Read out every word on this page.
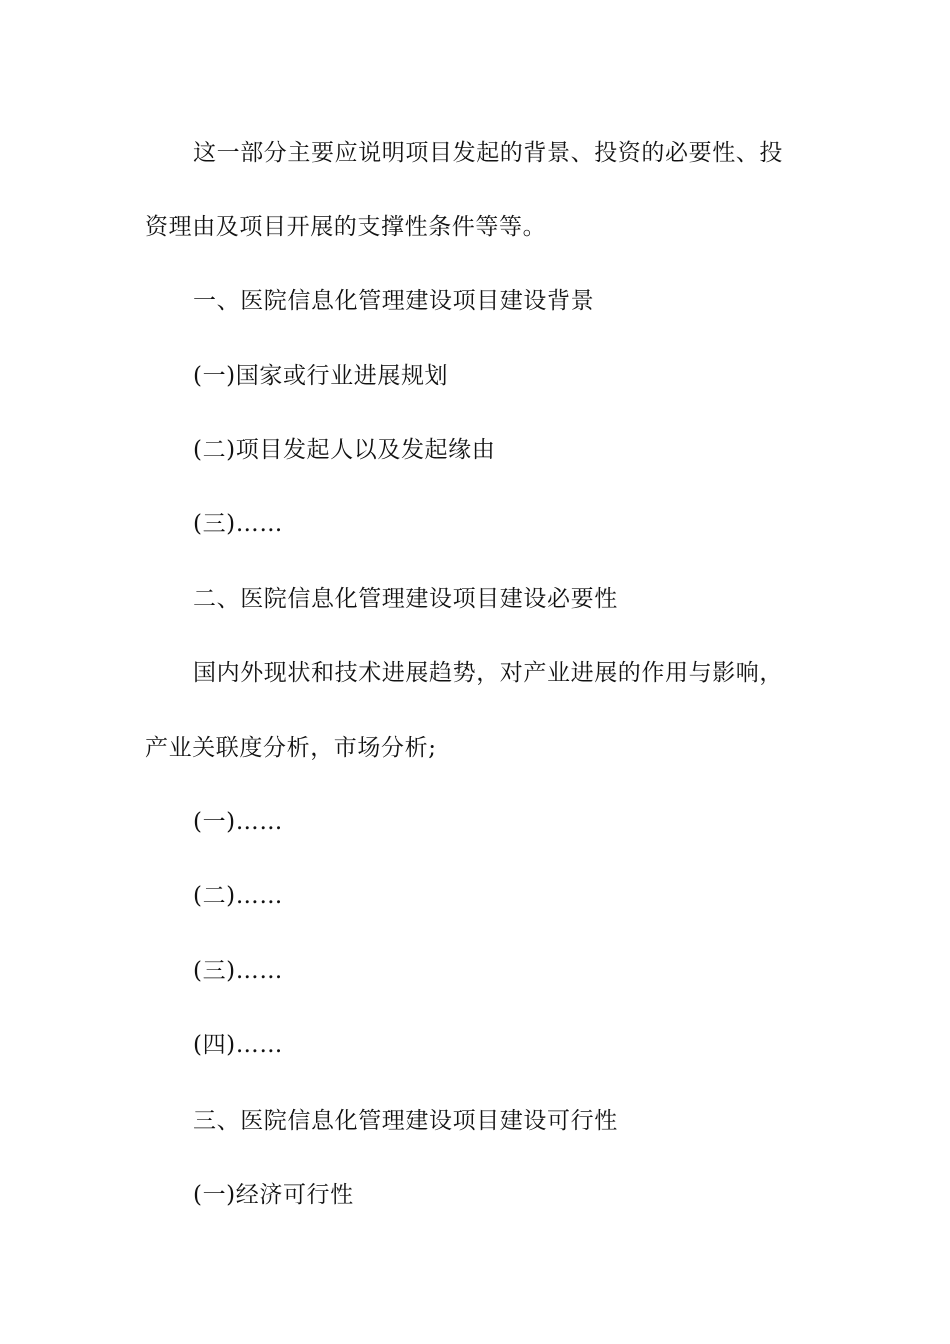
这一部分主要应说明项目发起的背景、投资的必要性、投
资理由及项目开展的支撑性条件等等。
一、医院信息化管理建设项目建设背景
(一)国家或行业进展规划
(二)项目发起人以及发起缘由
(三)……
二、医院信息化管理建设项目建设必要性
国内外现状和技术进展趋势，对产业进展的作用与影响，
产业关联度分析，市场分析;
(一)……
(二)……
(三)……
(四)……
三、医院信息化管理建设项目建设可行性
(一)经济可行性
